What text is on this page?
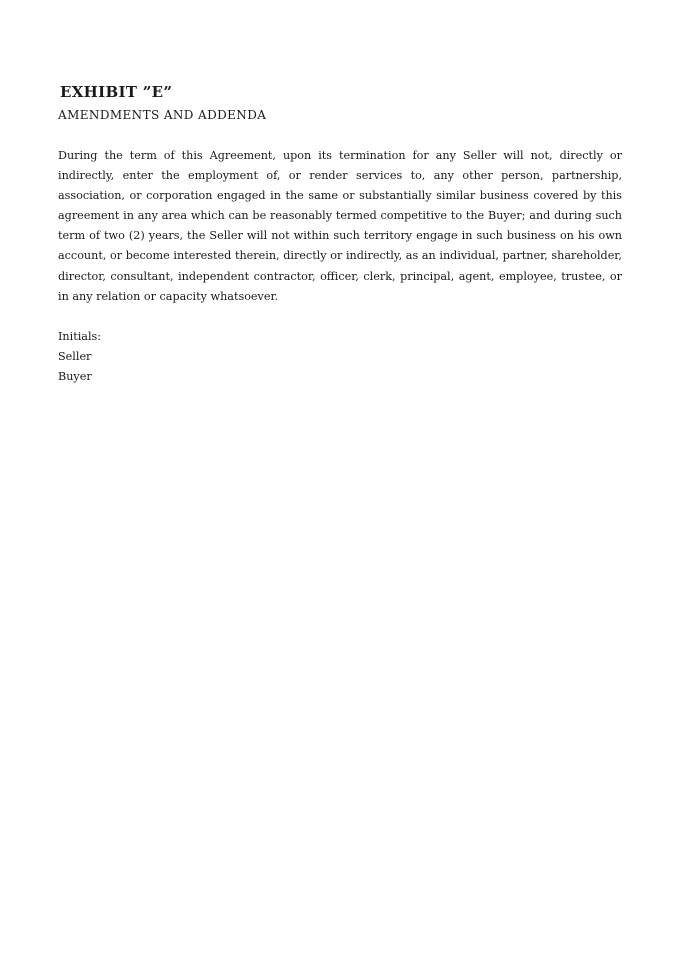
EXHIBIT ”E”
AMENDMENTS AND ADDENDA
During the term of this Agreement, upon its termination for any Seller will not, directly or indirectly, enter the employment of, or render services to, any other person, partnership, association, or corporation engaged in the same or substantially similar business covered by this agreement in any area which can be reasonably termed competitive to the Buyer; and during such term of two (2) years, the Seller will not within such territory engage in such business on his own account, or become interested therein, directly or indirectly, as an individual, partner, shareholder, director, consultant, independent contractor, officer, clerk, principal, agent, employee, trustee, or in any relation or capacity whatsoever.
Initials:
Seller
Buyer
